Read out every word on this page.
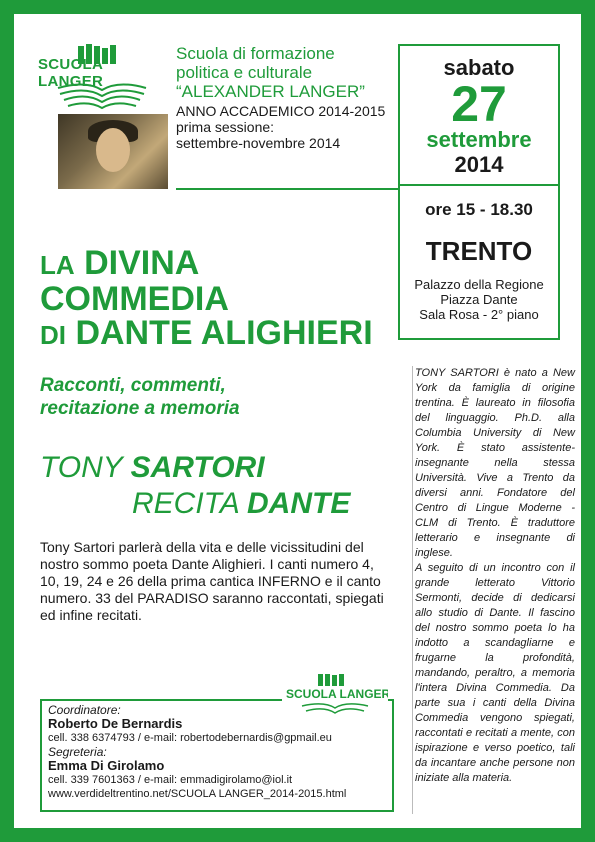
SCUOLA LANGER
Scuola di formazione
politica e culturale
“ALEXANDER LANGER”
ANNO ACCADEMICO 2014-2015
prima sessione:
settembre-novembre 2014
sabato
27
settembre
2014
ore 15 - 18.30
TRENTO
Palazzo della Regione
Piazza Dante
Sala Rosa - 2° piano
LA DIVINA
COMMEDIA
DI DANTE ALIGHIERI
Racconti, commenti,
recitazione a memoria
TONY SARTORI
RECITA DANTE
Tony Sartori parlerà della vita e delle vicissitudini del nostro sommo poeta Dante Alighieri. I canti numero 4, 10, 19, 24 e 26 della prima cantica INFERNO e il canto numero. 33 del PARADISO saranno raccontati, spiegati ed infine recitati.
Coordinatore:
Roberto De Bernardis
cell. 338 6374793 / e-mail: robertodebernardis@gpmail.eu
Segreteria:
Emma Di Girolamo
cell. 339 7601363 / e-mail: emmadigirolamo@iol.it
www.verdideltrentino.net/SCUOLA LANGER_2014-2015.html
SCUOLA LANGER

TONY SARTORI è nato a New York da famiglia di origine trentina. È laureato in filosofia del linguaggio. Ph.D. alla Columbia University di New York. È stato assistente-insegnante nella stessa Università. Vive a Trento da diversi anni. Fondatore del Centro di Lingue Moderne - CLM di Trento. È traduttore letterario e insegnante di inglese.

A seguito di un incontro con il grande letterato Vittorio Sermonti, decide di dedicarsi allo studio di Dante. Il fascino del nostro sommo poeta lo ha indotto a scandagliarne e frugarne la profondità, mandando, peraltro, a memoria l'intera Divina Commedia. Da parte sua i canti della Divina Commedia vengono spiegati, raccontati e recitati a mente, con ispirazione e verso poetico, tali da incantare anche persone non iniziate alla materia.
